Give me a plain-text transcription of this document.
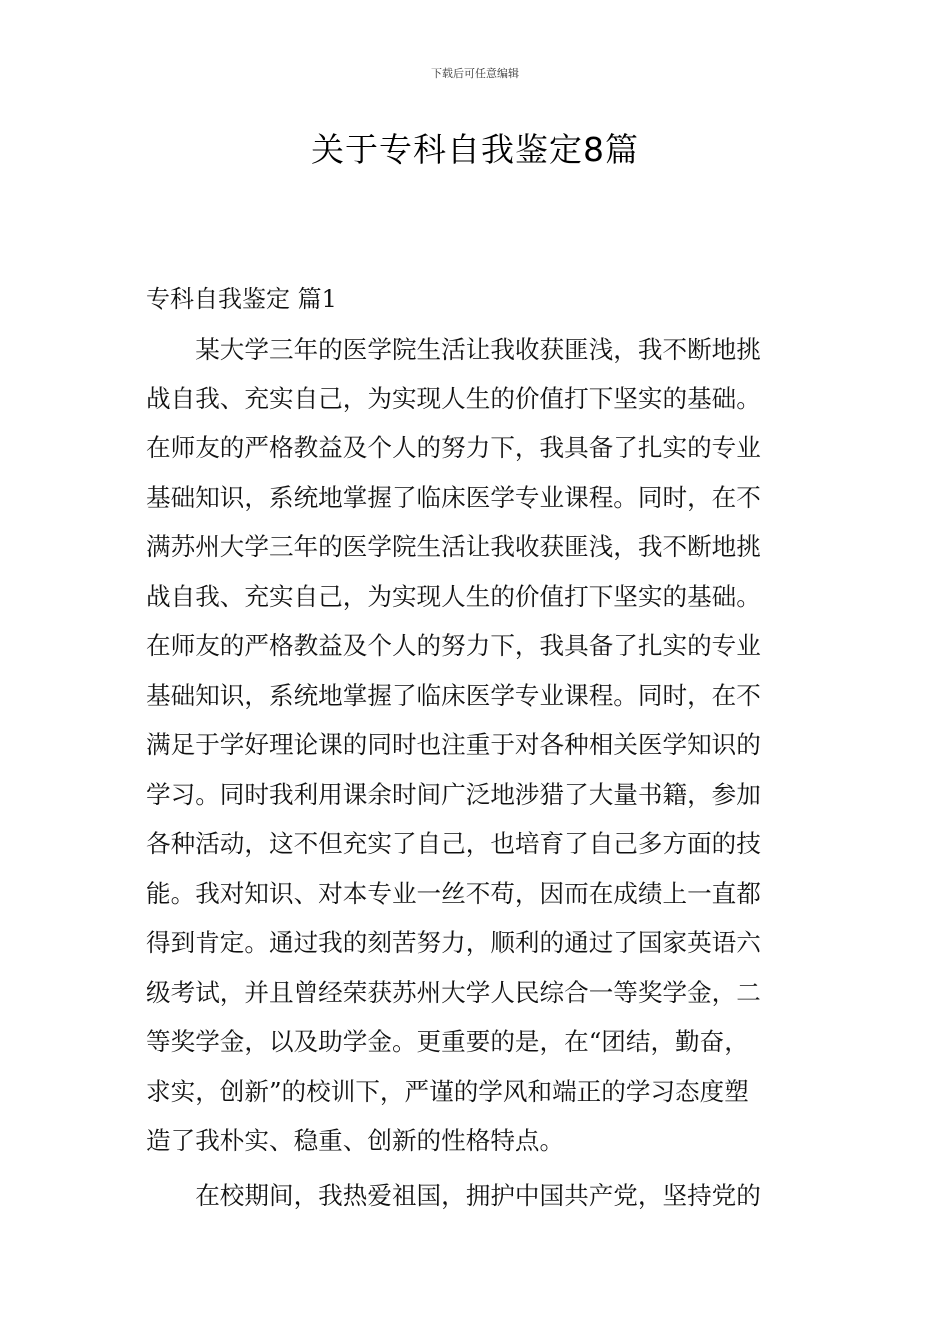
下载后可任意编辑
关于专科自我鉴定8篇
专科自我鉴定 篇1
　　某大学三年的医学院生活让我收获匪浅，我不断地挑
战自我、充实自己，为实现人生的价值打下坚实的基础。
在师友的严格教益及个人的努力下，我具备了扎实的专业
基础知识，系统地掌握了临床医学专业课程。同时，在不
满苏州大学三年的医学院生活让我收获匪浅，我不断地挑
战自我、充实自己，为实现人生的价值打下坚实的基础。
在师友的严格教益及个人的努力下，我具备了扎实的专业
基础知识，系统地掌握了临床医学专业课程。同时，在不
满足于学好理论课的同时也注重于对各种相关医学知识的
学习。同时我利用课余时间广泛地涉猎了大量书籍，参加
各种活动，这不但充实了自己，也培育了自己多方面的技
能。我对知识、对本专业一丝不苟，因而在成绩上一直都
得到肯定。通过我的刻苦努力，顺利的通过了国家英语六
级考试，并且曾经荣获苏州大学人民综合一等奖学金，二
等奖学金，以及助学金。更重要的是，在“团结，勤奋，
求实，创新”的校训下，严谨的学风和端正的学习态度塑
造了我朴实、稳重、创新的性格特点。
　　在校期间，我热爱祖国，拥护中国共产党，坚持党的
